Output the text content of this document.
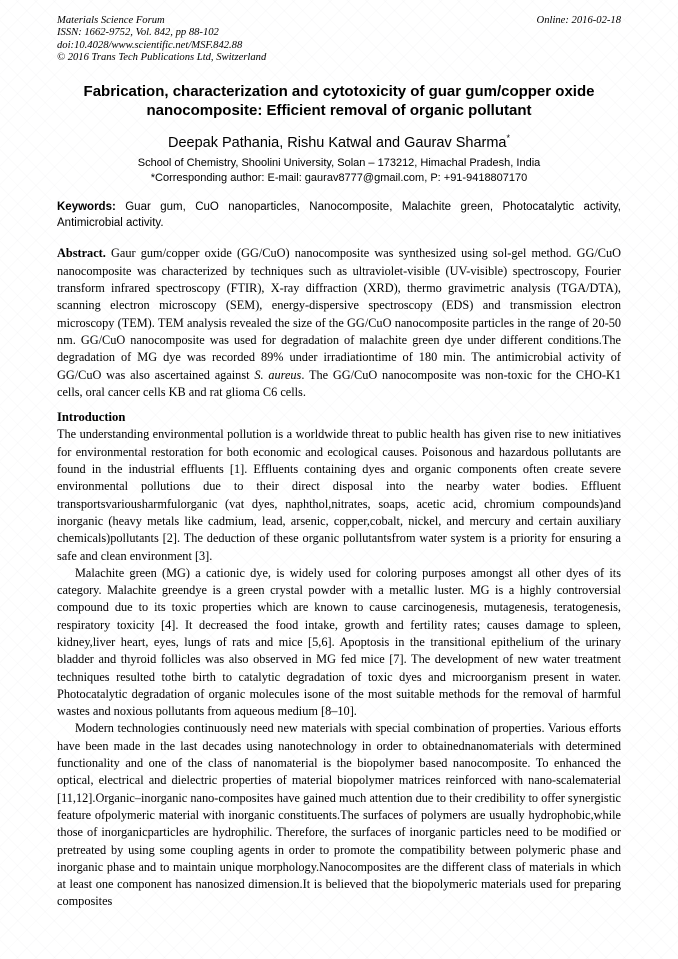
Materials Science Forum
ISSN: 1662-9752, Vol. 842, pp 88-102
doi:10.4028/www.scientific.net/MSF.842.88
© 2016 Trans Tech Publications Ltd, Switzerland
Online: 2016-02-18
Fabrication, characterization and cytotoxicity of guar gum/copper oxide
nanocomposite: Efficient removal of organic pollutant
Deepak Pathania, Rishu Katwal and Gaurav Sharma*
School of Chemistry, Shoolini University, Solan – 173212, Himachal Pradesh, India
*Corresponding author: E-mail: gaurav8777@gmail.com, P: +91-9418807170

Keywords: Guar gum, CuO nanoparticles, Nanocomposite, Malachite green, Photocatalytic activity, Antimicrobial activity.

Abstract. Gaur gum/copper oxide (GG/CuO) nanocomposite was synthesized using sol-gel method. GG/CuO nanocomposite was characterized by techniques such as ultraviolet-visible (UV-visible) spectroscopy, Fourier transform infrared spectroscopy (FTIR), X-ray diffraction (XRD), thermo gravimetric analysis (TGA/DTA), scanning electron microscopy (SEM), energy-dispersive spectroscopy (EDS) and transmission electron microscopy (TEM). TEM analysis revealed the size of the GG/CuO nanocomposite particles in the range of 20-50 nm. GG/CuO nanocomposite was used for degradation of malachite green dye under different conditions.The degradation of MG dye was recorded 89% under irradiationtime of 180 min. The antimicrobial activity of GG/CuO was also ascertained against S. aureus. The GG/CuO nanocomposite was non-toxic for the CHO-K1 cells, oral cancer cells KB and rat glioma C6 cells.

Introduction

The understanding environmental pollution is a worldwide threat to public health has given rise to new initiatives for environmental restoration for both economic and ecological causes. Poisonous and hazardous pollutants are found in the industrial effluents [1]. Effluents containing dyes and organic components often create severe environmental pollutions due to their direct disposal into the nearby water bodies. Effluent transportsvariousharmfulorganic (vat dyes, naphthol,nitrates, soaps, acetic acid, chromium compounds)and inorganic (heavy metals like cadmium, lead, arsenic, copper,cobalt, nickel, and mercury and certain auxiliary chemicals)pollutants [2]. The deduction of these organic pollutantsfrom water system is a priority for ensuring a safe and clean environment [3].

Malachite green (MG) a cationic dye, is widely used for coloring purposes amongst all other dyes of its category. Malachite greendye is a green crystal powder with a metallic luster. MG is a highly controversial compound due to its toxic properties which are known to cause carcinogenesis, mutagenesis, teratogenesis, respiratory toxicity [4]. It decreased the food intake, growth and fertility rates; causes damage to spleen, kidney,liver heart, eyes, lungs of rats and mice [5,6]. Apoptosis in the transitional epithelium of the urinary bladder and thyroid follicles was also observed in MG fed mice [7]. The development of new water treatment techniques resulted tothe birth to catalytic degradation of toxic dyes and microorganism present in water. Photocatalytic degradation of organic molecules isone of the most suitable methods for the removal of harmful wastes and noxious pollutants from aqueous medium [8–10].

Modern technologies continuously need new materials with special combination of properties. Various efforts have been made in the last decades using nanotechnology in order to obtainednanomaterials with determined functionality and one of the class of nanomaterial is the biopolymer based nanocomposite. To enhanced the optical, electrical and dielectric properties of material biopolymer matrices reinforced with nano-scalematerial [11,12].Organic–inorganic nano-composites have gained much attention due to their credibility to offer synergistic feature ofpolymeric material with inorganic constituents.The surfaces of polymers are usually hydrophobic,while those of inorganicparticles are hydrophilic. Therefore, the surfaces of inorganic particles need to be modified or pretreated by using some coupling agents in order to promote the compatibility between polymeric phase and inorganic phase and to maintain unique morphology.Nanocomposites are the different class of materials in which at least one component has nanosized dimension.It is believed that the biopolymeric materials used for preparing composites
